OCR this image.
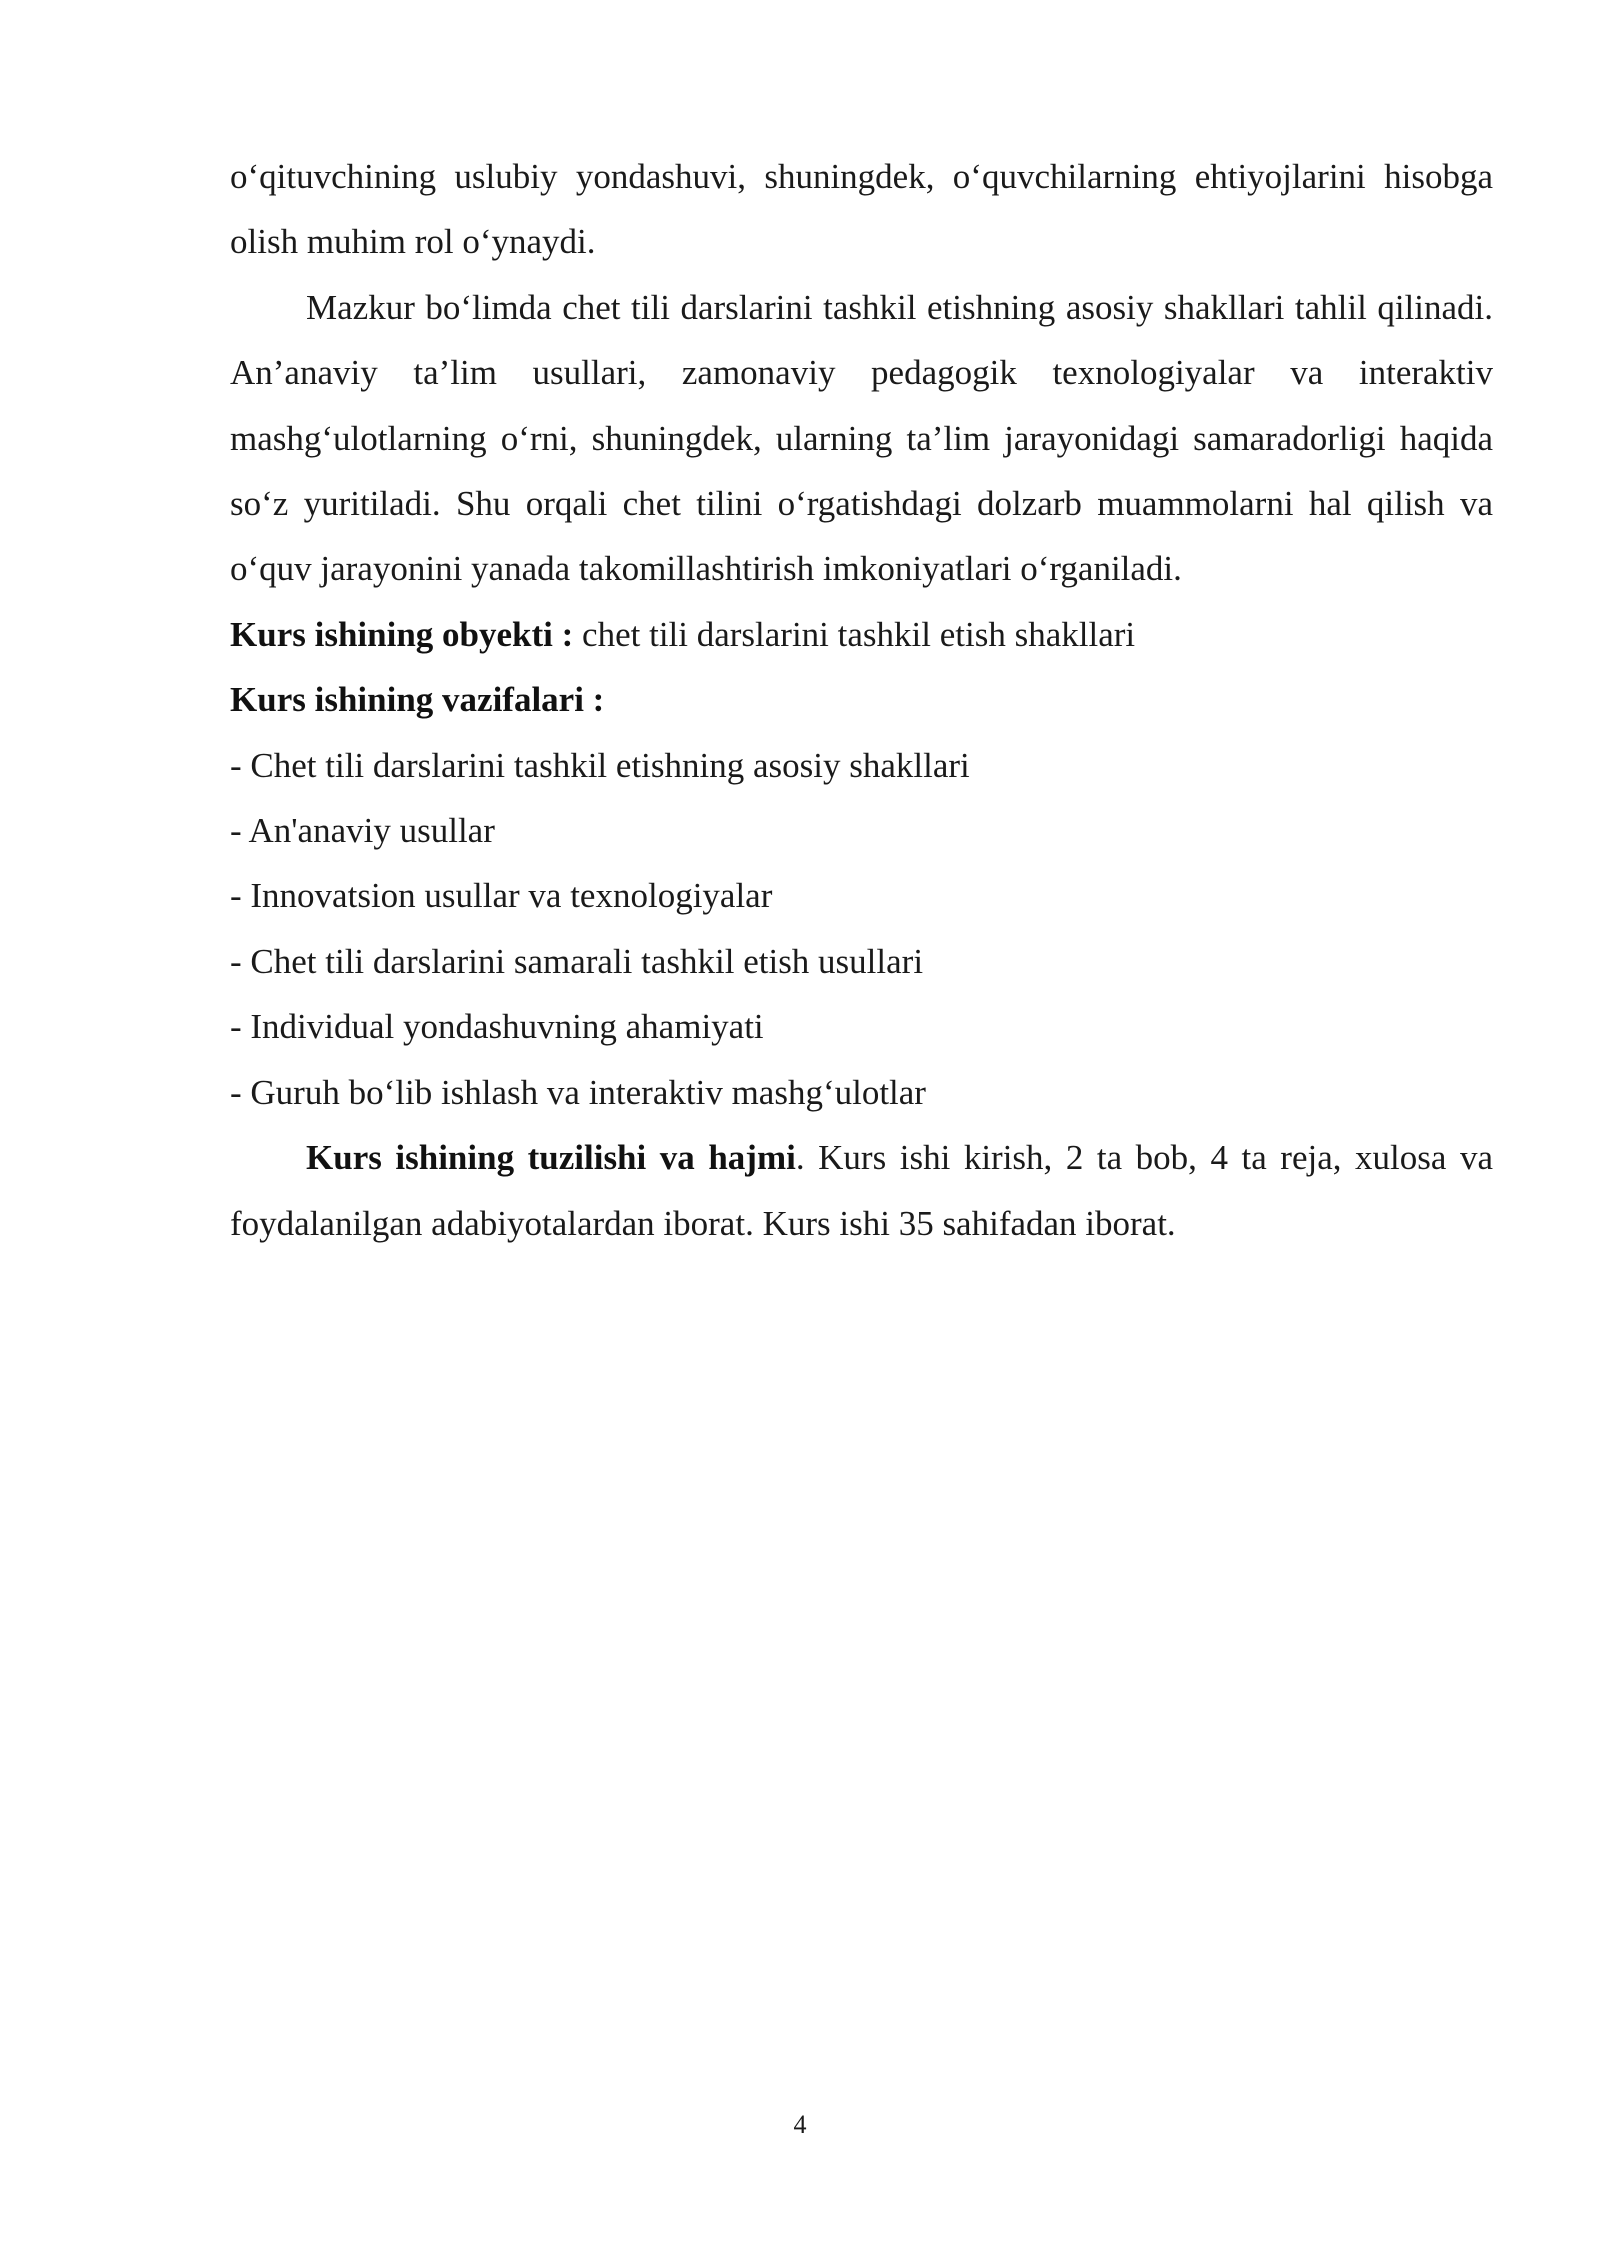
o‘qituvchining uslubiy yondashuvi, shuningdek, o‘quvchilarning ehtiyojlarini hisobga olish muhim rol o‘ynaydi.

Mazkur bo‘limda chet tili darslarini tashkil etishning asosiy shakllari tahlil qilinadi. An’anaviy ta’lim usullari, zamonaviy pedagogik texnologiyalar va interaktiv mashg‘ulotlarning o‘rni, shuningdek, ularning ta’lim jarayonidagi samaradorligi haqida so‘z yuritiladi. Shu orqali chet tilini o‘rgatishdagi dolzarb muammolarni hal qilish va o‘quv jarayonini yanada takomillashtirish imkoniyatlari o‘rganiladi.

Kurs ishining obyekti : chet tili darslarini tashkil etish shakllari

Kurs ishining vazifalari :

- Chet tili darslarini tashkil etishning asosiy shakllari

- An'anaviy usullar

- Innovatsion usullar va texnologiyalar

- Chet tili darslarini samarali tashkil etish usullari

- Individual yondashuvning ahamiyati

- Guruh bo‘lib ishlash va interaktiv mashg‘ulotlar

Kurs ishining tuzilishi va hajmi. Kurs ishi kirish, 2 ta bob, 4 ta reja, xulosa va foydalanilgan adabiyotalardan iborat. Kurs ishi 35 sahifadan iborat.

4
